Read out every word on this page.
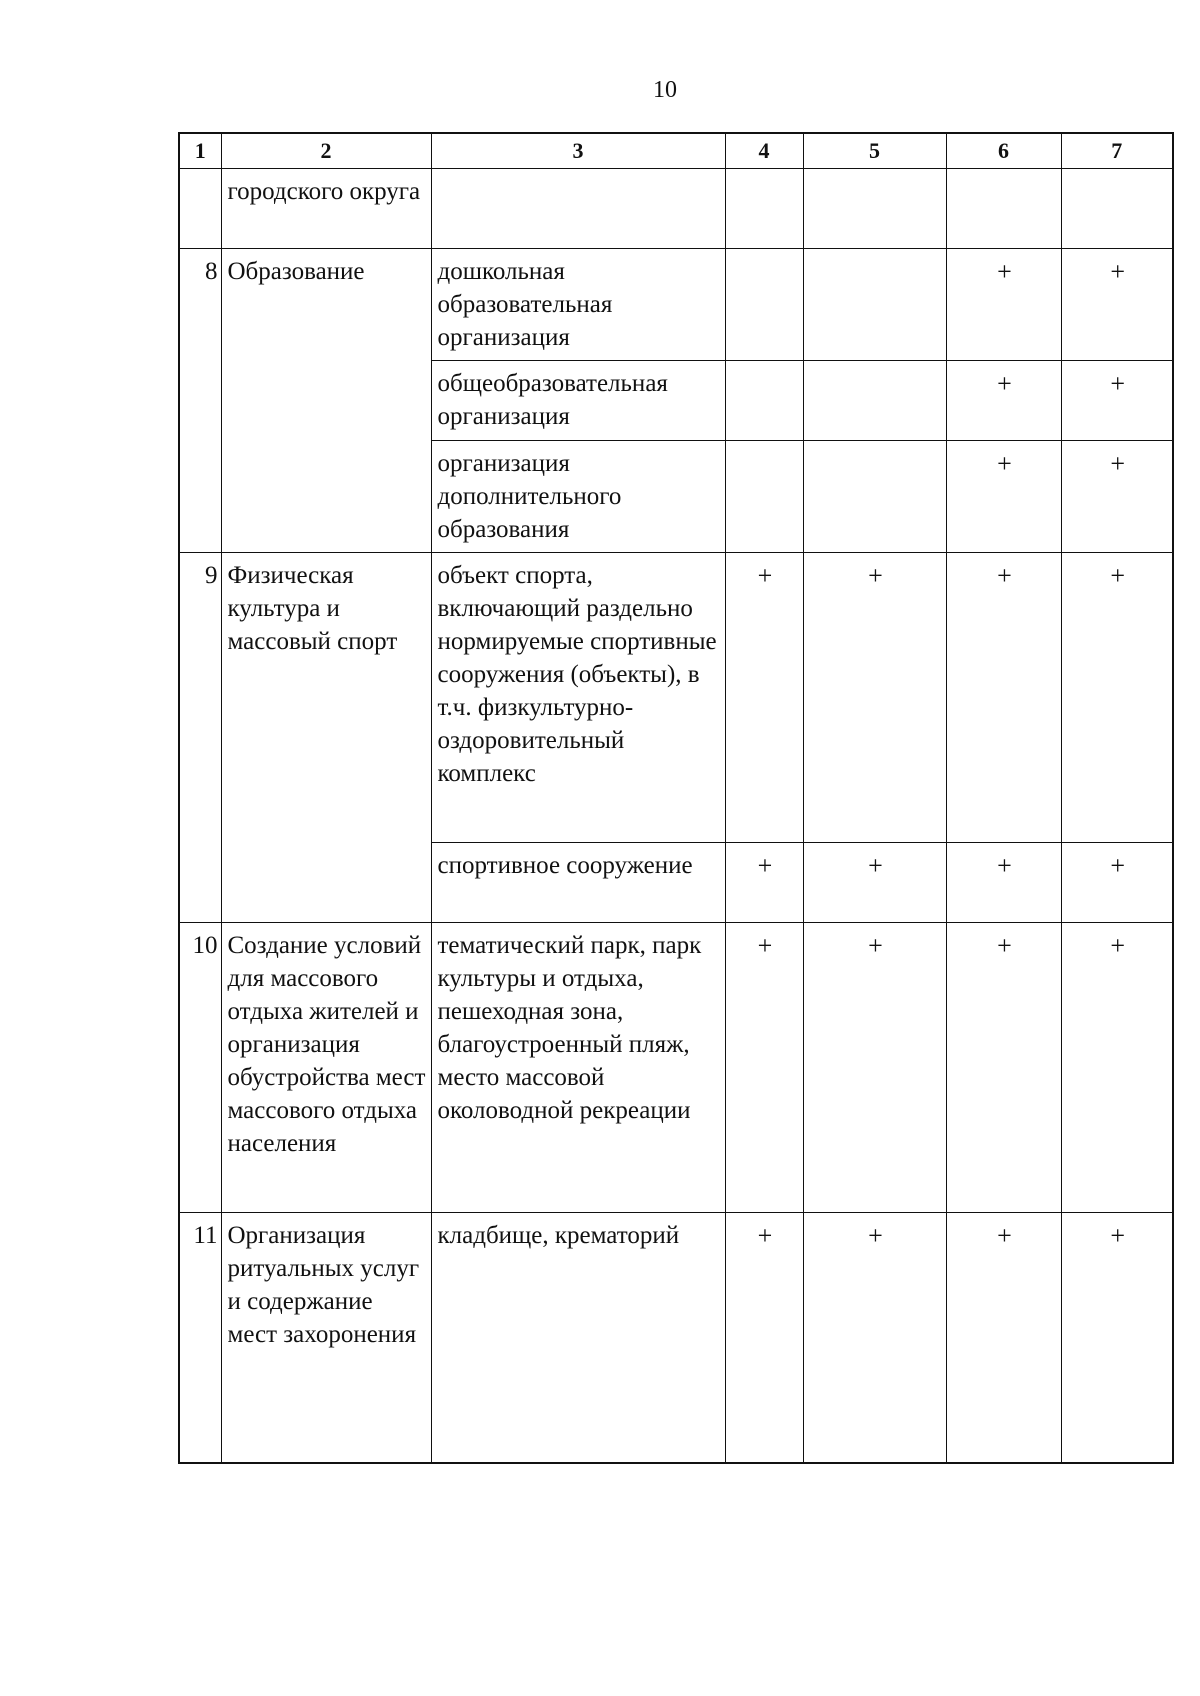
10
1	2	3	4	5	6	7
	городского округа					
8	Образование	дошкольная образовательная организация			+	+
		общеобразовательная организация			+	+
		организация дополнительного образования			+	+
9	Физическая культура и массовый спорт	объект спорта, включающий раздельно нормируемые спортивные сооружения (объекты), в т.ч. физкультурно-оздоровительный комплекс	+	+	+	+
		спортивное сооружение	+	+	+	+
10	Создание условий для массового отдыха жителей и организация обустройства мест массового отдыха населения	тематический парк, парк культуры и отдыха, пешеходная зона, благоустроенный пляж, место массовой околоводной рекреации	+	+	+	+
11	Организация ритуальных услуг и содержание мест захоронения	кладбище, крематорий	+	+	+	+
